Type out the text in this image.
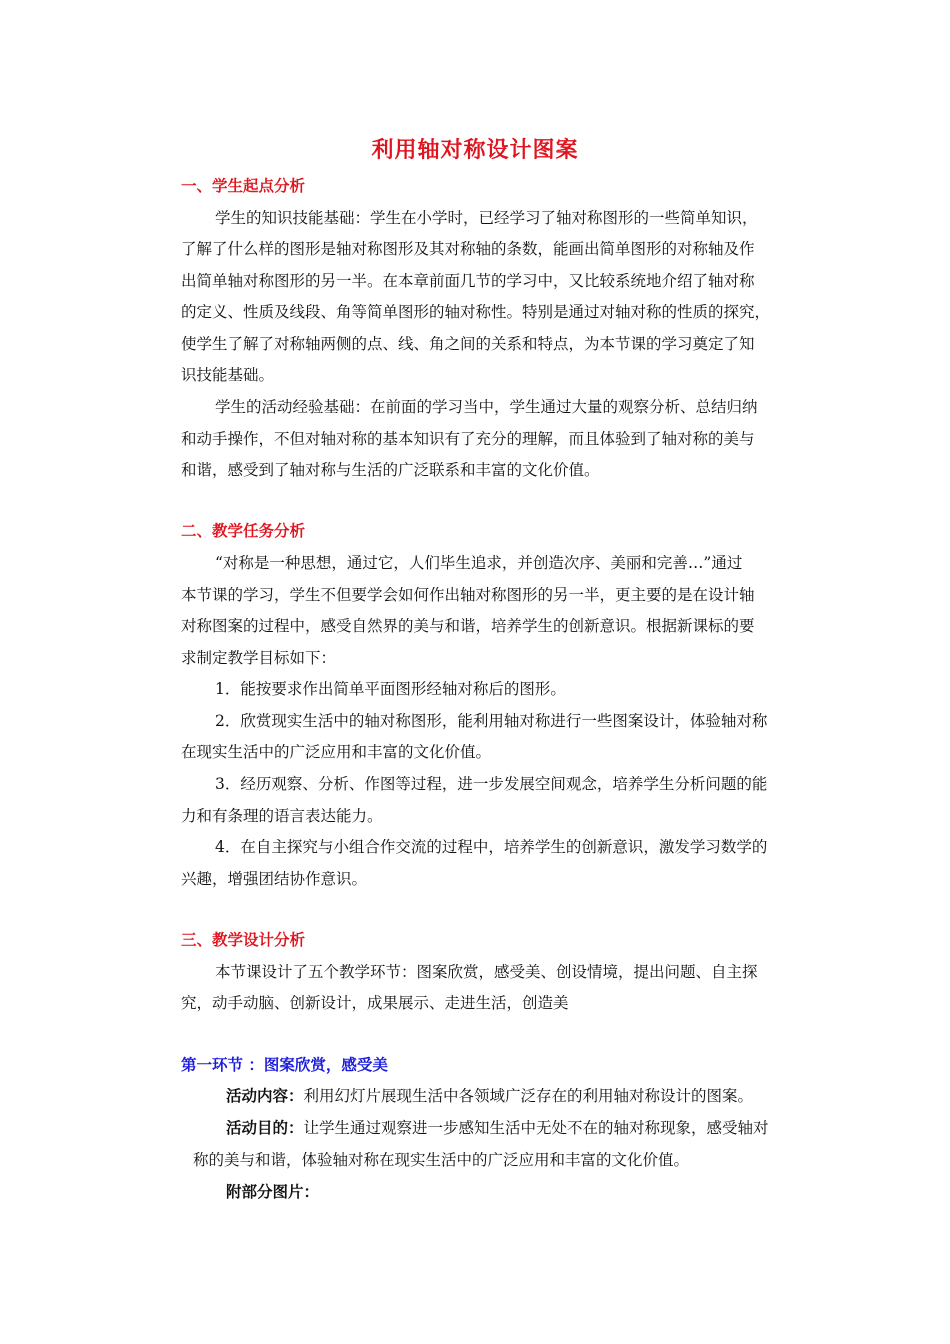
利用轴对称设计图案
一、学生起点分析
学生的知识技能基础：学生在小学时，已经学习了轴对称图形的一些简单知识，
了解了什么样的图形是轴对称图形及其对称轴的条数，能画出简单图形的对称轴及作
出简单轴对称图形的另一半。在本章前面几节的学习中，又比较系统地介绍了轴对称
的定义、性质及线段、角等简单图形的轴对称性。特别是通过对轴对称的性质的探究，
使学生了解了对称轴两侧的点、线、角之间的关系和特点，为本节课的学习奠定了知
识技能基础。
学生的活动经验基础：在前面的学习当中，学生通过大量的观察分析、总结归纳
和动手操作，不但对轴对称的基本知识有了充分的理解，而且体验到了轴对称的美与
和谐，感受到了轴对称与生活的广泛联系和丰富的文化价值。
二、教学任务分析
“对称是一种思想，通过它，人们毕生追求，并创造次序、美丽和完善…”通过
本节课的学习，学生不但要学会如何作出轴对称图形的另一半，更主要的是在设计轴
对称图案的过程中，感受自然界的美与和谐，培养学生的创新意识。根据新课标的要
求制定教学目标如下：
1．能按要求作出简单平面图形经轴对称后的图形。
2．欣赏现实生活中的轴对称图形，能利用轴对称进行一些图案设计，体验轴对称
在现实生活中的广泛应用和丰富的文化价值。
3．经历观察、分析、作图等过程，进一步发展空间观念，培养学生分析问题的能
力和有条理的语言表达能力。
4．在自主探究与小组合作交流的过程中，培养学生的创新意识，激发学习数学的
兴趣，增强团结协作意识。
三、教学设计分析
本节课设计了五个教学环节：图案欣赏，感受美、创设情境，提出问题、自主探
究，动手动脑、创新设计，成果展示、走进生活，创造美
第一环节 ：图案欣赏，感受美
活动内容：利用幻灯片展现生活中各领域广泛存在的利用轴对称设计的图案。
活动目的：让学生通过观察进一步感知生活中无处不在的轴对称现象，感受轴对
称的美与和谐，体验轴对称在现实生活中的广泛应用和丰富的文化价值。
附部分图片：
